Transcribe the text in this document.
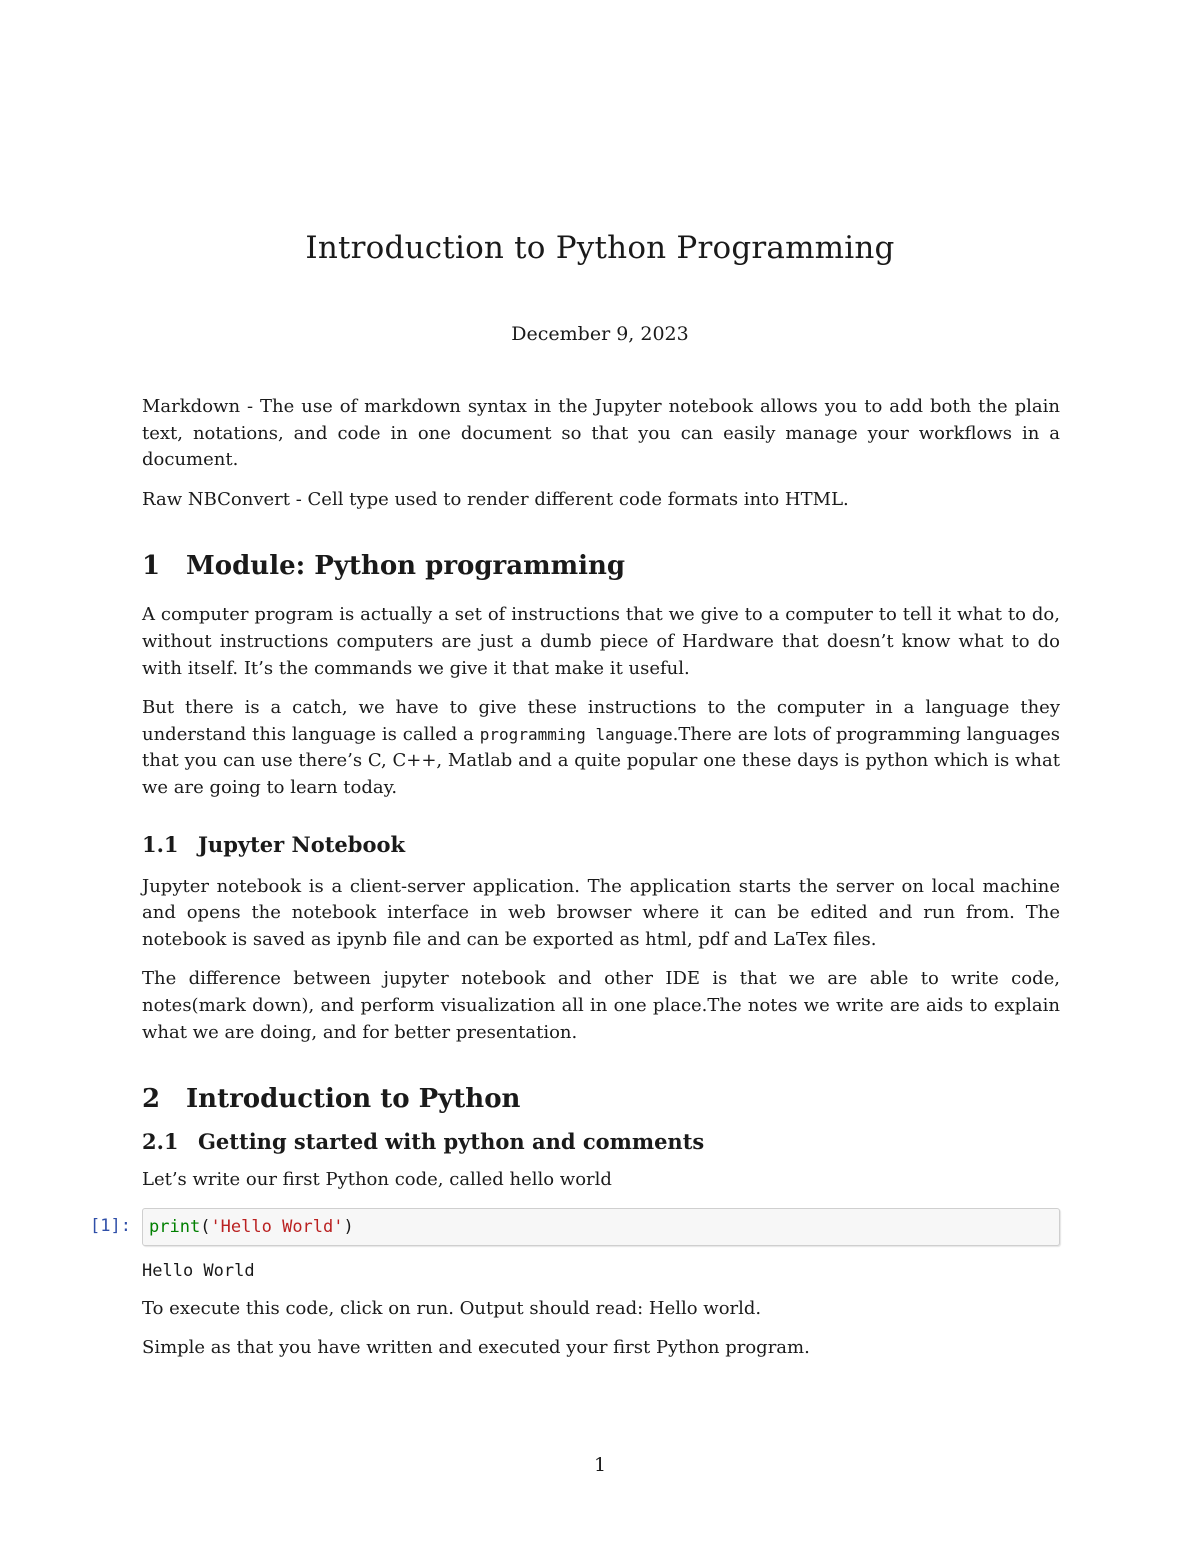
Introduction to Python Programming
December 9, 2023

Markdown - The use of markdown syntax in the Jupyter notebook allows you to add both the plain text, notations, and code in one document so that you can easily manage your workflows in a document.

Raw NBConvert - Cell type used to render different code formats into HTML.

1 Module: Python programming

A computer program is actually a set of instructions that we give to a computer to tell it what to do, without instructions computers are just a dumb piece of Hardware that doesn’t know what to do with itself. It’s the commands we give it that make it useful.

But there is a catch, we have to give these instructions to the computer in a language they understand this language is called a programming language.There are lots of programming languages that you can use there’s C, C++, Matlab and a quite popular one these days is python which is what we are going to learn today.

1.1 Jupyter Notebook

Jupyter notebook is a client-server application. The application starts the server on local machine and opens the notebook interface in web browser where it can be edited and run from. The notebook is saved as ipynb file and can be exported as html, pdf and LaTex files.

The difference between jupyter notebook and other IDE is that we are able to write code, notes(mark down), and perform visualization all in one place.The notes we write are aids to explain what we are doing, and for better presentation.

2 Introduction to Python
2.1 Getting started with python and comments

Let’s write our first Python code, called hello world

[1]:	print('Hello World')
Hello World

To execute this code, click on run. Output should read: Hello world.

Simple as that you have written and executed your first Python program.

1
